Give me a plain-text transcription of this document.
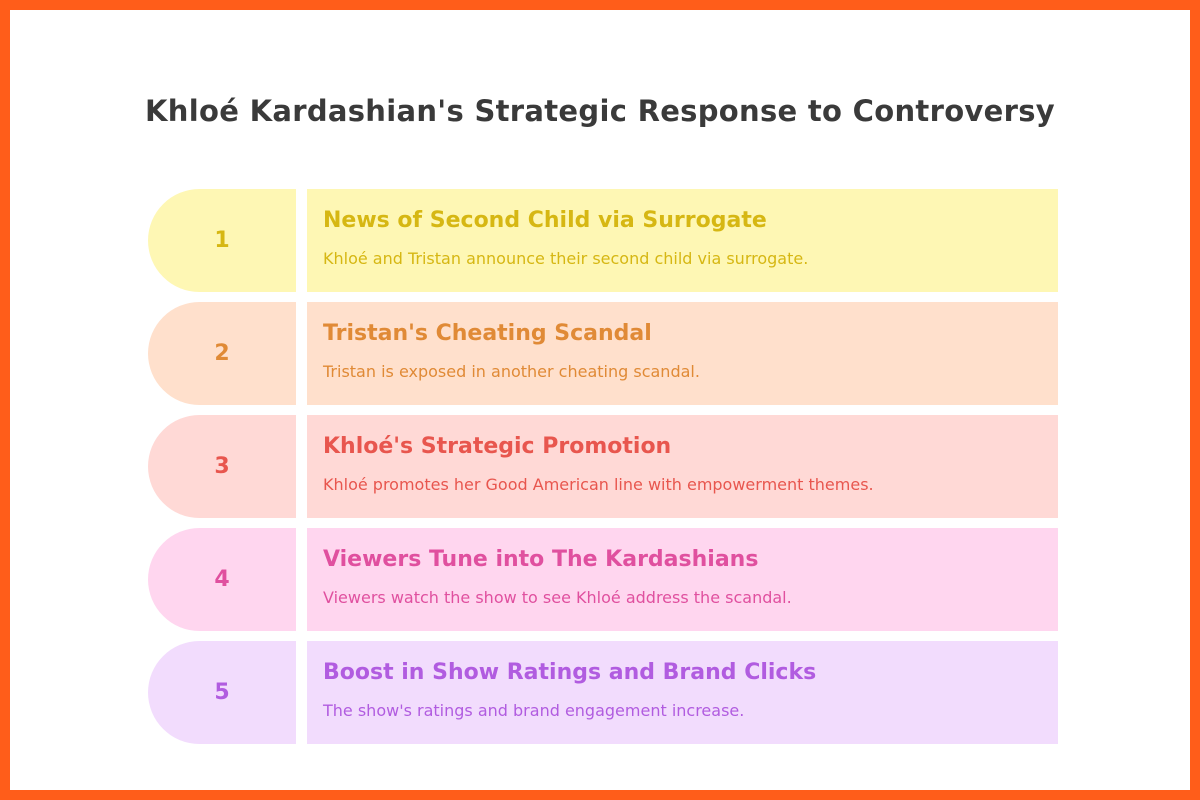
Khloé Kardashian's Strategic Response to Controversy
1
News of Second Child via Surrogate
Khloé and Tristan announce their second child via surrogate.
2
Tristan's Cheating Scandal
Tristan is exposed in another cheating scandal.
3
Khloé's Strategic Promotion
Khloé promotes her Good American line with empowerment themes.
4
Viewers Tune into The Kardashians
Viewers watch the show to see Khloé address the scandal.
5
Boost in Show Ratings and Brand Clicks
The show's ratings and brand engagement increase.
